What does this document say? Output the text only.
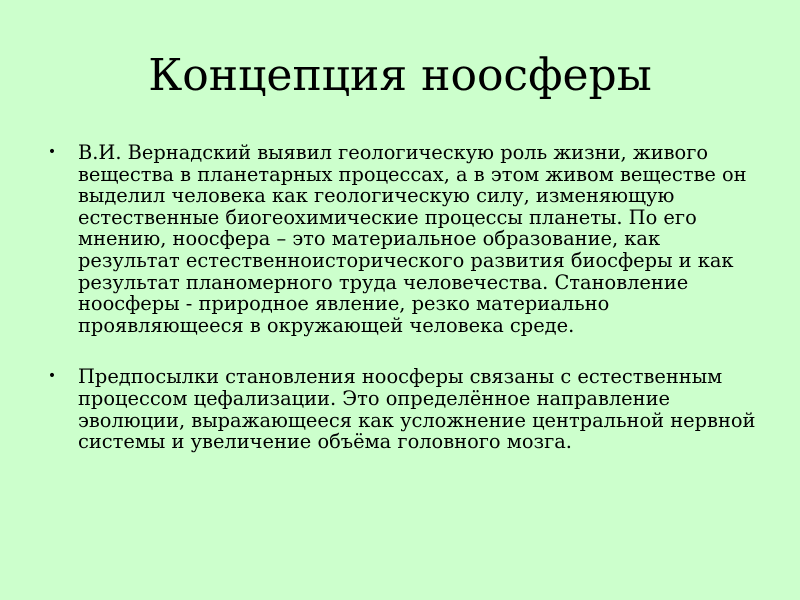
Концепция ноосферы
• В.И. Вернадский выявил геологическую роль жизни, живого вещества в планетарных процессах, а в этом живом веществе он выделил человека как геологическую силу, изменяющую естественные биогеохимические процессы планеты. По его мнению, ноосфера – это материальное образование, как результат естественноисторического развития биосферы и как результат планомерного труда человечества. Становление ноосферы - природное явление, резко материально проявляющееся в окружающей человека среде.
• Предпосылки становления ноосферы связаны с естественным процессом цефализации. Это определённое направление эволюции, выражающееся как усложнение центральной нервной системы и увеличение объёма головного мозга.
